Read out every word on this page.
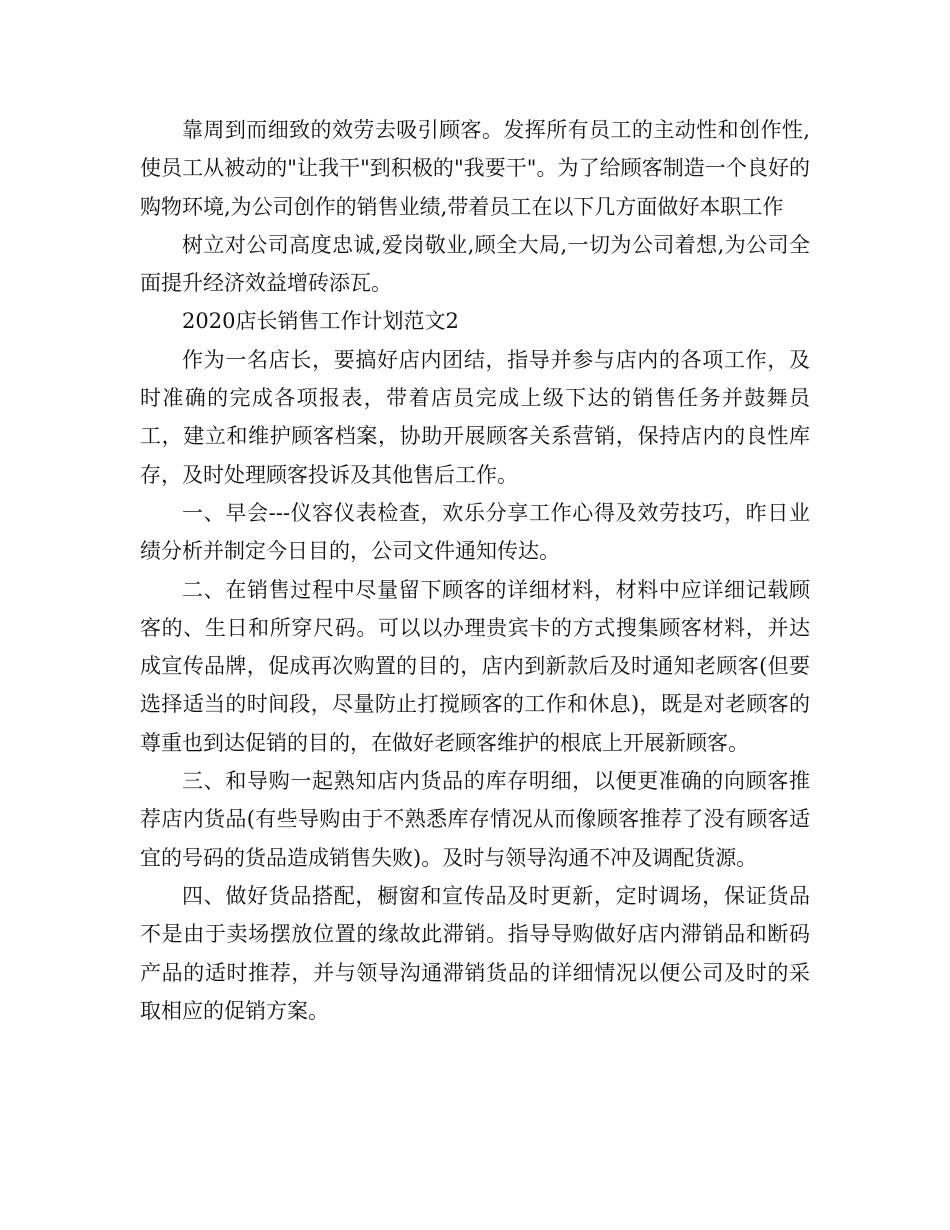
靠周到而细致的效劳去吸引顾客。发挥所有员工的主动性和创作性,使员工从被动的"让我干"到积极的"我要干"。为了给顾客制造一个良好的购物环境,为公司创作的销售业绩,带着员工在以下几方面做好本职工作

树立对公司高度忠诚,爱岗敬业,顾全大局,一切为公司着想,为公司全面提升经济效益增砖添瓦。

2020店长销售工作计划范文2

作为一名店长，要搞好店内团结，指导并参与店内的各项工作，及时准确的完成各项报表，带着店员完成上级下达的销售任务并鼓舞员工，建立和维护顾客档案，协助开展顾客关系营销，保持店内的良性库存，及时处理顾客投诉及其他售后工作。

一、早会---仪容仪表检查，欢乐分享工作心得及效劳技巧，昨日业绩分析并制定今日目的，公司文件通知传达。

二、在销售过程中尽量留下顾客的详细材料，材料中应详细记载顾客的、生日和所穿尺码。可以以办理贵宾卡的方式搜集顾客材料，并达成宣传品牌，促成再次购置的目的，店内到新款后及时通知老顾客(但要选择适当的时间段，尽量防止打搅顾客的工作和休息)，既是对老顾客的尊重也到达促销的目的，在做好老顾客维护的根底上开展新顾客。

三、和导购一起熟知店内货品的库存明细，以便更准确的向顾客推荐店内货品(有些导购由于不熟悉库存情况从而像顾客推荐了没有顾客适宜的号码的货品造成销售失败)。及时与领导沟通不冲及调配货源。

四、做好货品搭配，橱窗和宣传品及时更新，定时调场，保证货品不是由于卖场摆放位置的缘故此滞销。指导导购做好店内滞销品和断码产品的适时推荐，并与领导沟通滞销货品的详细情况以便公司及时的采取相应的促销方案。
